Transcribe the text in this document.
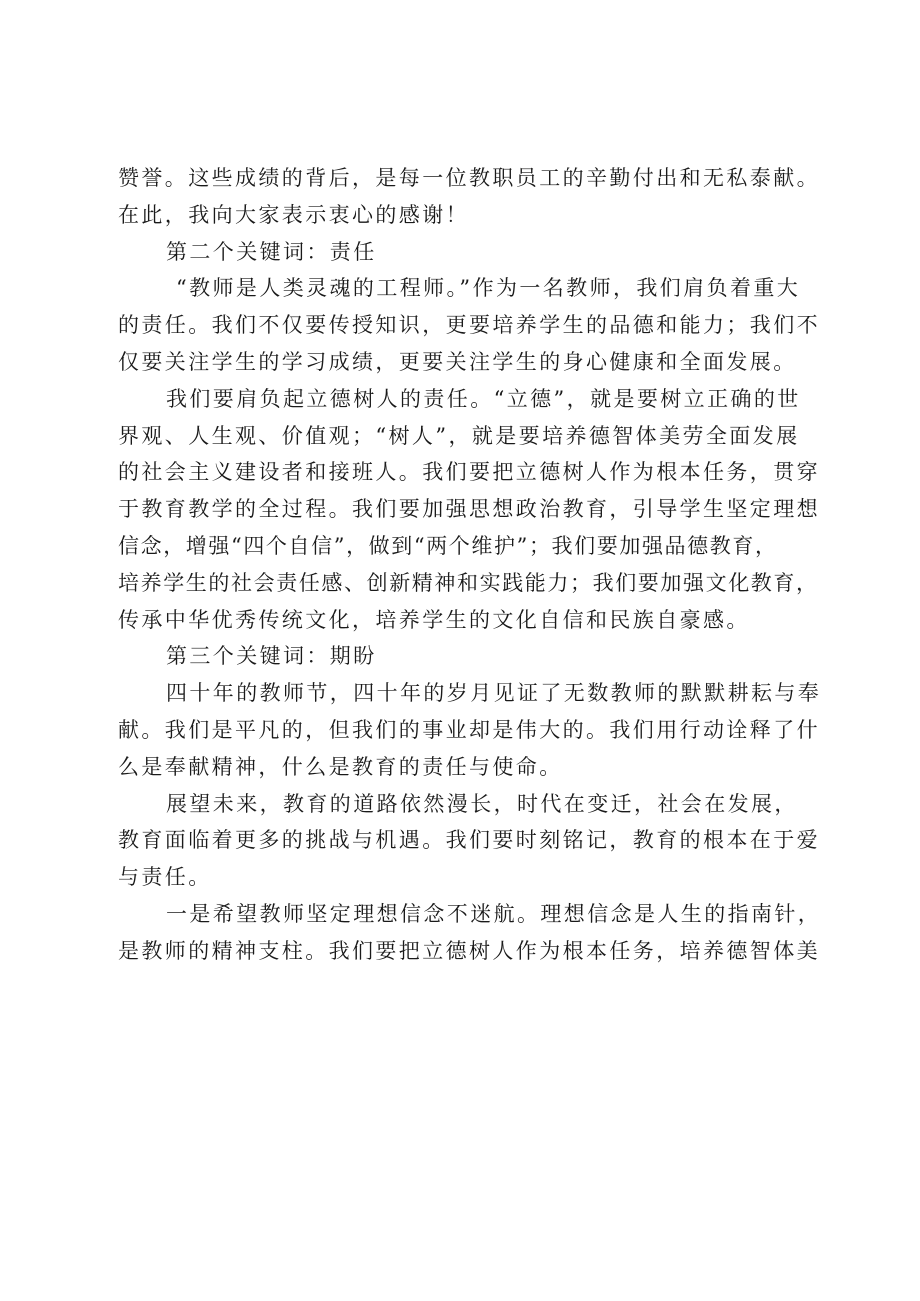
赞誉。这些成绩的背后，是每一位教职员工的辛勤付出和无私泰献。
在此，我向大家表示衷心的感谢！
第二个关键词：责任
“教师是人类灵魂的工程师。”作为一名教师，我们肩负着重大
的责任。我们不仅要传授知识，更要培养学生的品德和能力；我们不
仅要关注学生的学习成绩，更要关注学生的身心健康和全面发展。
我们要肩负起立德树人的责任。“立德”，就是要树立正确的世
界观、人生观、价值观；“树人”，就是要培养德智体美劳全面发展
的社会主义建设者和接班人。我们要把立德树人作为根本任务，贯穿
于教育教学的全过程。我们要加强思想政治教育，引导学生坚定理想
信念，增强“四个自信”，做到“两个维护”；我们要加强品德教育，
培养学生的社会责任感、创新精神和实践能力；我们要加强文化教育，
传承中华优秀传统文化，培养学生的文化自信和民族自豪感。
第三个关键词：期盼
四十年的教师节，四十年的岁月见证了无数教师的默默耕耘与奉
献。我们是平凡的，但我们的事业却是伟大的。我们用行动诠释了什
么是奉献精神，什么是教育的责任与使命。
展望未来，教育的道路依然漫长，时代在变迁，社会在发展，
教育面临着更多的挑战与机遇。我们要时刻铭记，教育的根本在于爱
与责任。
一是希望教师坚定理想信念不迷航。理想信念是人生的指南针，
是教师的精神支柱。我们要把立德树人作为根本任务，培养德智体美
